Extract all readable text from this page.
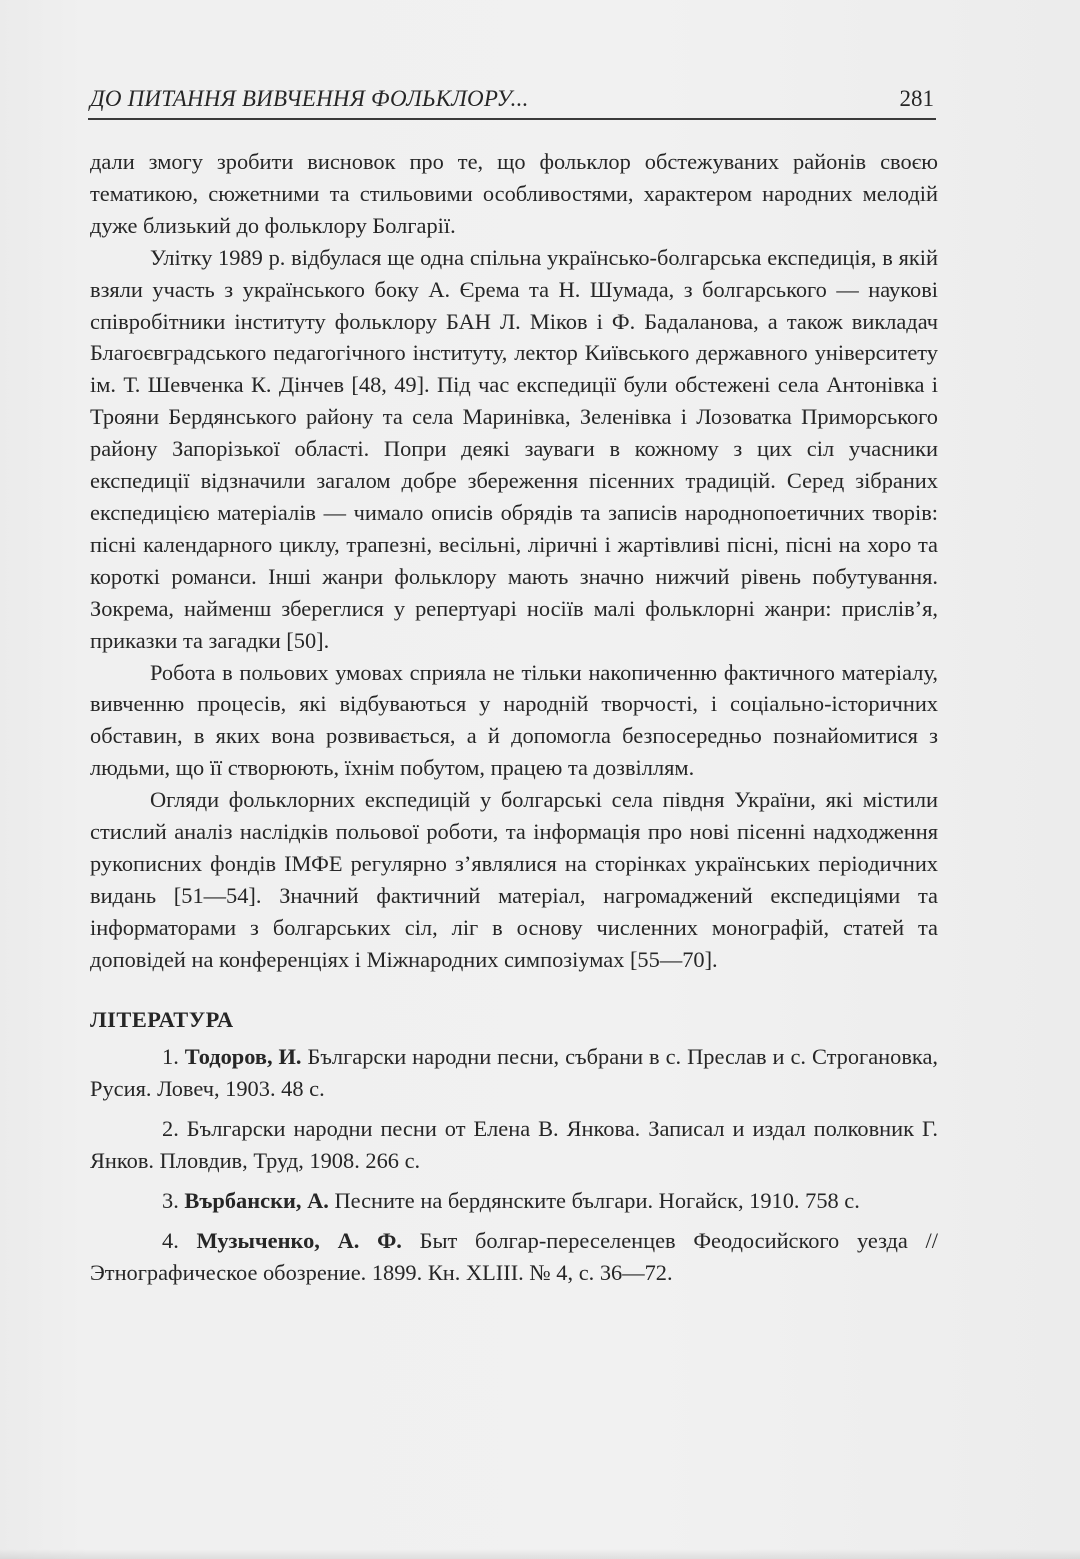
ДО ПИТАННЯ ВИВЧЕННЯ ФОЛЬКЛОРУ...	281

дали змогу зробити висновок про те, що фольклор обстежуваних районів своєю тематикою, сюжетними та стильовими особливостями, характером народних мелодій дуже близький до фольклору Болгарії.

Улітку 1989 р. відбулася ще одна спільна українсько-болгарська експедиція, в якій взяли участь з українського боку А. Єрема та Н. Шумада, з болгарського — наукові співробітники інституту фольклору БАН Л. Міков і Ф. Бадаланова, а також викладач Благоєвградського педагогічного інституту, лектор Київського державного університету ім. Т. Шевченка К. Дінчев [48, 49]. Під час експедиції були обстежені села Антонівка і Трояни Бердянського району та села Маринівка, Зеленівка і Лозоватка Приморського району Запорізької області. Попри деякі зауваги в кожному з цих сіл учасники експедиції відзначили загалом добре збереження пісенних традицій. Серед зібраних експедицією матеріалів — чимало описів обрядів та записів народнопоетичних творів: пісні календарного циклу, трапезні, весільні, ліричні і жартівливі пісні, пісні на хоро та короткі романси. Інші жанри фольклору мають значно нижчий рівень побутування. Зокрема, найменш збереглися у репертуарі носіїв малі фольклорні жанри: прислів’я, приказки та загадки [50].

Робота в польових умовах сприяла не тільки накопиченню фактичного матеріалу, вивченню процесів, які відбуваються у народній творчості, і соціально-історичних обставин, в яких вона розвивається, а й допомогла безпосередньо познайомитися з людьми, що її створюють, їхнім побутом, працею та дозвіллям.

Огляди фольклорних експедицій у болгарські села півдня України, які містили стислий аналіз наслідків польової роботи, та інформація про нові пісенні надходження рукописних фондів ІМФЕ регулярно з’являлися на сторінках українських періодичних видань [51—54]. Значний фактичний матеріал, нагромаджений експедиціями та інформаторами з болгарських сіл, ліг в основу численних монографій, статей та доповідей на конференціях і Міжнародних симпозіумах [55—70].

ЛІТЕРАТУРА

1. Тодоров, И. Български народни песни, събрани в с. Преслав и с. Строгановка, Русия. Ловеч, 1903. 48 с.

2. Български народни песни от Елена В. Янкова. Записал и издал полковник Г. Янков. Пловдив, Труд, 1908. 266 с.

3. Върбански, А. Песните на бердянските българи. Ногайск, 1910. 758 с.

4. Музыченко, А. Ф. Быт болгар-переселенцев Феодосийского уезда // Этнографическое обозрение. 1899. Кн. XLIII. № 4, с. 36—72.
